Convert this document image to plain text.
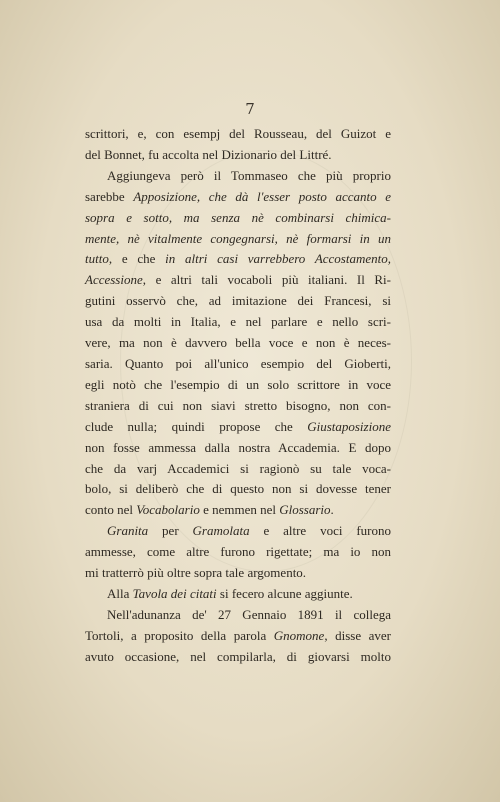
7
scrittori, e, con esempj del Rousseau, del Guizot e
del Bonnet, fu accolta nel Dizionario del Littré.
Aggiungeva però il Tommaseo che più proprio
sarebbe Apposizione, che dà l'esser posto accanto e
sopra e sotto, ma senza nè combinarsi chimica-
mente, nè vitalmente congegnarsi, nè formarsi in un
tutto, e che in altri casi varrebbero Accostamento,
Accessione, e altri tali vocaboli più italiani. Il Ri-
gutini osservò che, ad imitazione dei Francesi, si
usa da molti in Italia, e nel parlare e nello scri-
vere, ma non è davvero bella voce e non è neces-
saria. Quanto poi all'unico esempio del Gioberti,
egli notò che l'esempio di un solo scrittore in voce
straniera di cui non siavi stretto bisogno, non con-
clude nulla; quindi propose che Giustaposizione
non fosse ammessa dalla nostra Accademia. E dopo
che da varj Accademici si ragionò su tale voca-
bolo, si deliberò che di questo non si dovesse tener
conto nel Vocabolario e nemmen nel Glossario.
Granita per Gramolata e altre voci furono
ammesse, come altre furono rigettate; ma io non
mi tratterrò più oltre sopra tale argomento.
Alla Tavola dei citati si fecero alcune aggiunte.
Nell'adunanza de' 27 Gennaio 1891 il collega
Tortoli, a proposito della parola Gnomone, disse aver
avuto occasione, nel compilarla, di giovarsi molto
